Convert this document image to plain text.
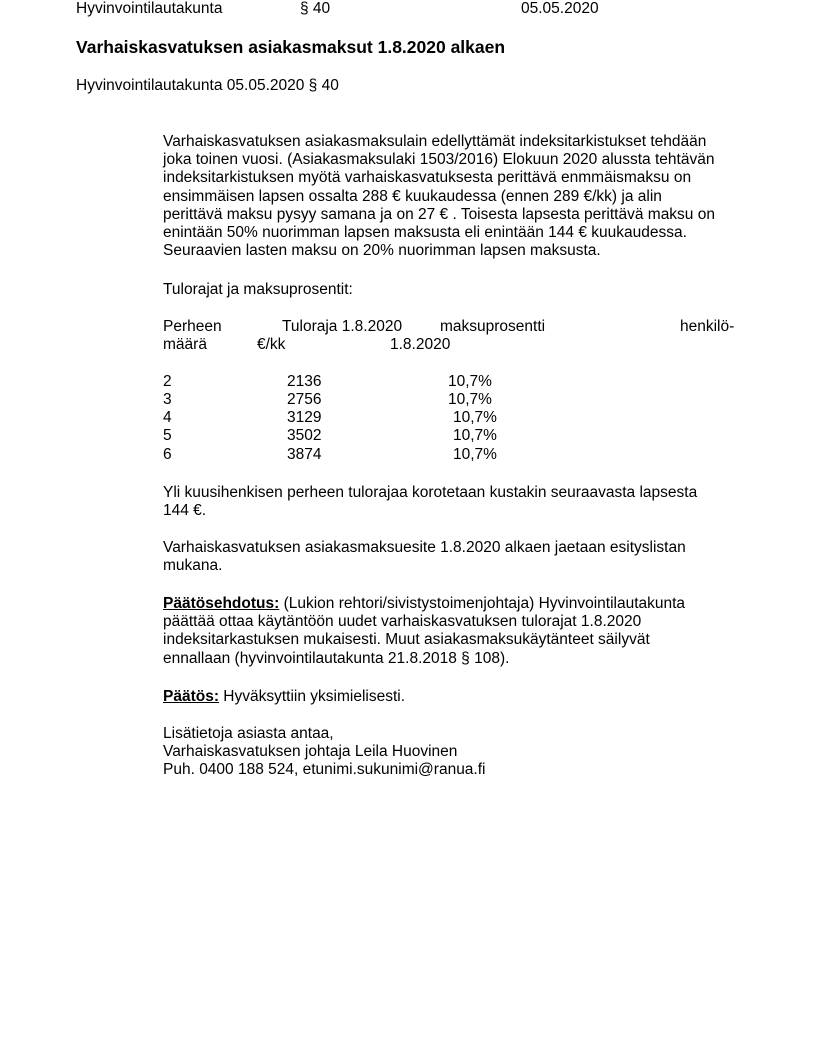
Hyvinvointilautakunta	§ 40	05.05.2020
Varhaiskasvatuksen asiakasmaksut 1.8.2020 alkaen
Hyvinvointilautakunta 05.05.2020 § 40
Varhaiskasvatuksen asiakasmaksulain edellyttämät indeksitarkistukset tehdään
joka toinen vuosi. (Asiakasmaksulaki 1503/2016) Elokuun 2020 alussta tehtävän
indeksitarkistuksen myötä varhaiskasvatuksesta perittävä enmmäismaksu on
ensimmäisen lapsen ossalta 288 € kuukaudessa (ennen 289 €/kk) ja alin
perittävä maksu pysyy samana ja on 27 € . Toisesta lapsesta perittävä maksu on
enintään 50% nuorimman lapsen maksusta eli enintään 144 € kuukaudessa.
Seuraavien lasten maksu on 20% nuorimman lapsen maksusta.
Tulorajat ja maksuprosentit:
Perheen	Tuloraja 1.8.2020 maksuprosentti	henkilö-
määrä	€/kk	1.8.2020
2	2136	10,7%
3	2756	10,7%
4	3129	10,7%
5	3502	10,7%
6	3874	10,7%
Yli kuusihenkisen perheen tulorajaa korotetaan kustakin seuraavasta lapsesta
144 €.
Varhaiskasvatuksen asiakasmaksuesite 1.8.2020 alkaen jaetaan esityslistan
mukana.
Päätösehdotus: (Lukion rehtori/sivistystoimenjohtaja) Hyvinvointilautakunta
päättää ottaa käytäntöön uudet varhaiskasvatuksen tulorajat 1.8.2020
indeksitarkastuksen mukaisesti. Muut asiakasmaksukäytänteet säilyvät
ennallaan (hyvinvointilautakunta 21.8.2018 § 108).
Päätös: Hyväksyttiin yksimielisesti.
Lisätietoja asiasta antaa,
Varhaiskasvatuksen johtaja Leila Huovinen
Puh. 0400 188 524, etunimi.sukunimi@ranua.fi
